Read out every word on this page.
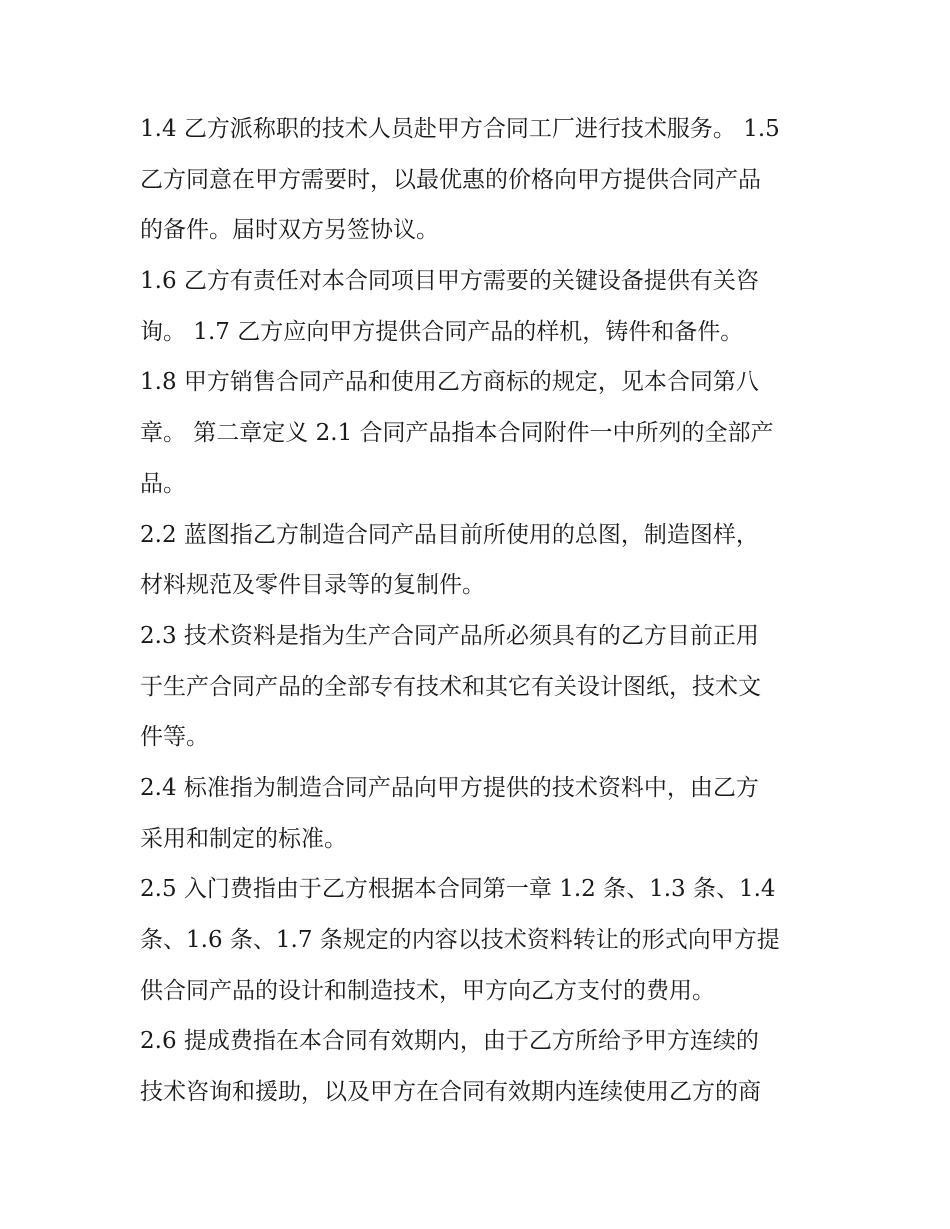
1.4 乙方派称职的技术人员赴甲方合同工厂进行技术服务。 1.5
乙方同意在甲方需要时，以最优惠的价格向甲方提供合同产品
的备件。届时双方另签协议。

1.6 乙方有责任对本合同项目甲方需要的关键设备提供有关咨
询。 1.7 乙方应向甲方提供合同产品的样机，铸件和备件。

1.8 甲方销售合同产品和使用乙方商标的规定，见本合同第八
章。 第二章定义 2.1 合同产品指本合同附件一中所列的全部产
品。

2.2 蓝图指乙方制造合同产品目前所使用的总图，制造图样，
材料规范及零件目录等的复制件。

2.3 技术资料是指为生产合同产品所必须具有的乙方目前正用
于生产合同产品的全部专有技术和其它有关设计图纸，技术文
件等。

2.4 标准指为制造合同产品向甲方提供的技术资料中，由乙方
采用和制定的标准。

2.5 入门费指由于乙方根据本合同第一章 1.2 条、1.3 条、1.4
条、1.6 条、1.7 条规定的内容以技术资料转让的形式向甲方提
供合同产品的设计和制造技术，甲方向乙方支付的费用。

2.6 提成费指在本合同有效期内，由于乙方所给予甲方连续的
技术咨询和援助，以及甲方在合同有效期内连续使用乙方的商
